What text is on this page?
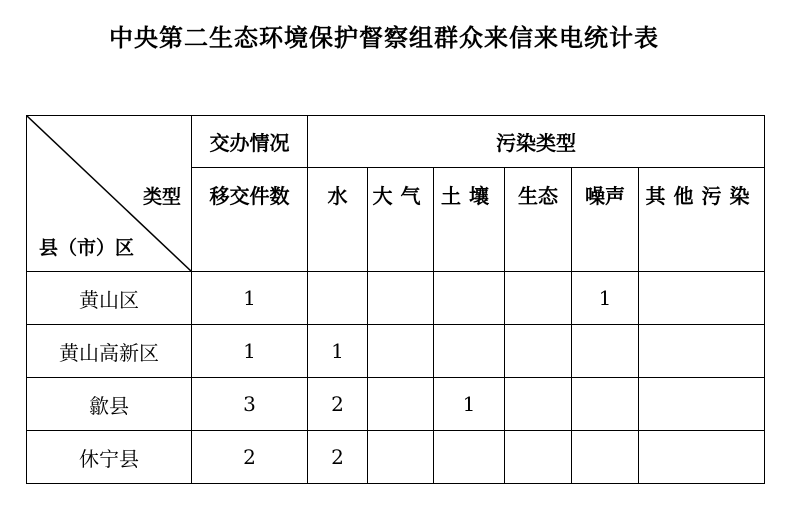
中央第二生态环境保护督察组群众来信来电统计表
类型
县（市）区	交办情况	污染类型					
	移交件数	水	大气	土壤	生态	噪声	其他污染
黄山区	1					1	
黄山高新区	1	1					
歙县	3	2		1			
休宁县	2	2					
